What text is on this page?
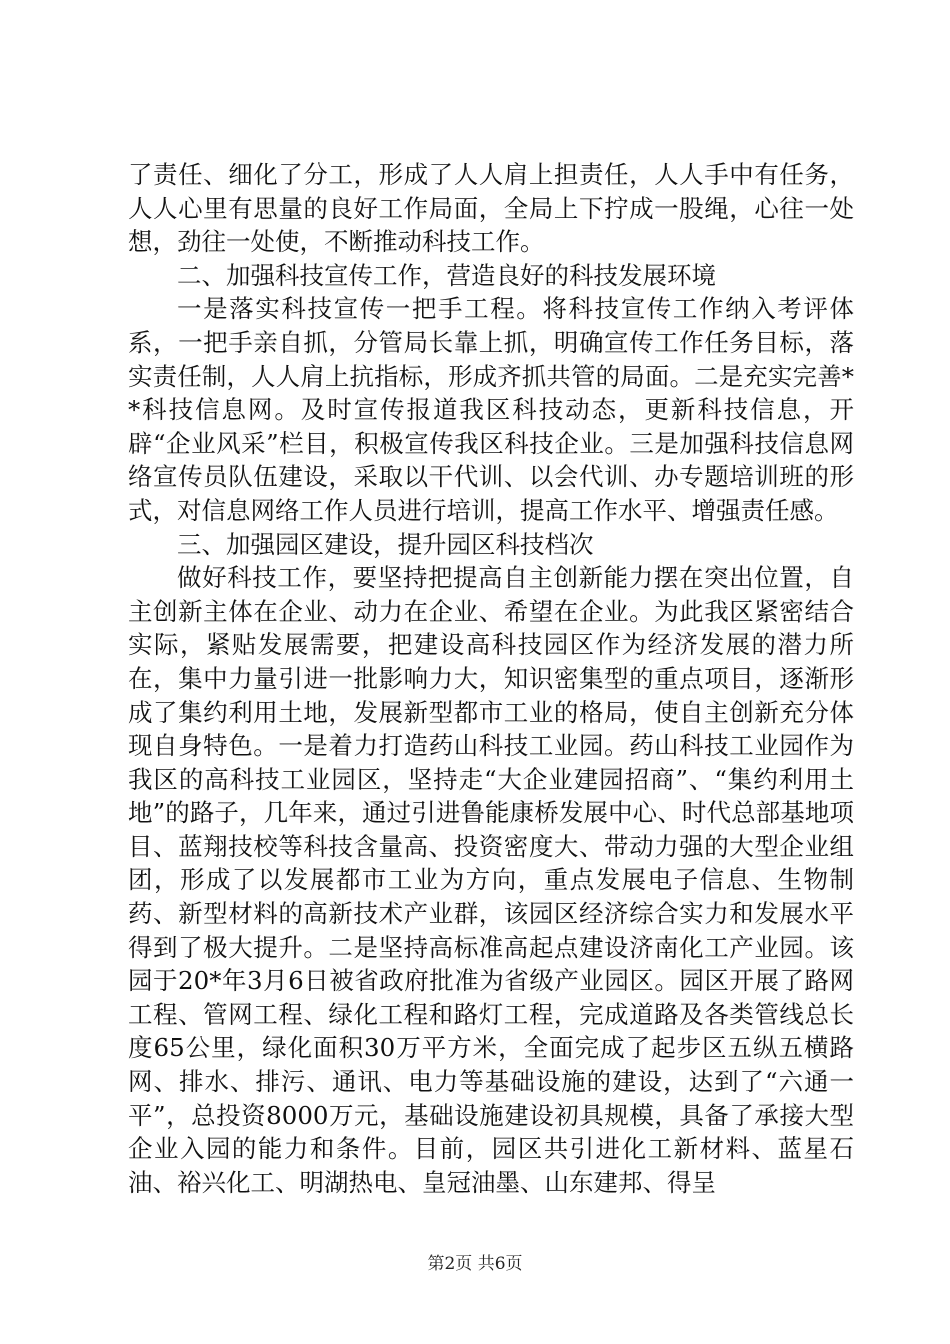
了责任、细化了分工，形成了人人肩上担责任，人人手中有任务，人人心里有思量的良好工作局面，全局上下拧成一股绳，心往一处想，劲往一处使，不断推动科技工作。

二、加强科技宣传工作，营造良好的科技发展环境

一是落实科技宣传一把手工程。将科技宣传工作纳入考评体系，一把手亲自抓，分管局长靠上抓，明确宣传工作任务目标，落实责任制，人人肩上抗指标，形成齐抓共管的局面。二是充实完善**科技信息网。及时宣传报道我区科技动态，更新科技信息，开辟“企业风采”栏目，积极宣传我区科技企业。三是加强科技信息网络宣传员队伍建设，采取以干代训、以会代训、办专题培训班的形式，对信息网络工作人员进行培训，提高工作水平、增强责任感。

三、加强园区建设，提升园区科技档次

做好科技工作，要坚持把提高自主创新能力摆在突出位置，自主创新主体在企业、动力在企业、希望在企业。为此我区紧密结合实际，紧贴发展需要，把建设高科技园区作为经济发展的潜力所在，集中力量引进一批影响力大，知识密集型的重点项目，逐渐形成了集约利用土地，发展新型都市工业的格局，使自主创新充分体现自身特色。一是着力打造药山科技工业园。药山科技工业园作为我区的高科技工业园区，坚持走“大企业建园招商”、“集约利用土地”的路子，几年来，通过引进鲁能康桥发展中心、时代总部基地项目、蓝翔技校等科技含量高、投资密度大、带动力强的大型企业组团，形成了以发展都市工业为方向，重点发展电子信息、生物制药、新型材料的高新技术产业群，该园区经济综合实力和发展水平得到了极大提升。二是坚持高标准高起点建设济南化工产业园。该园于20*年3月6日被省政府批准为省级产业园区。园区开展了路网工程、管网工程、绿化工程和路灯工程，完成道路及各类管线总长度65公里，绿化面积30万平方米，全面完成了起步区五纵五横路网、排水、排污、通讯、电力等基础设施的建设，达到了“六通一平”，总投资8000万元，基础设施建设初具规模，具备了承接大型企业入园的能力和条件。目前，园区共引进化工新材料、蓝星石油、裕兴化工、明湖热电、皇冠油墨、山东建邦、得呈

第2页 共6页
